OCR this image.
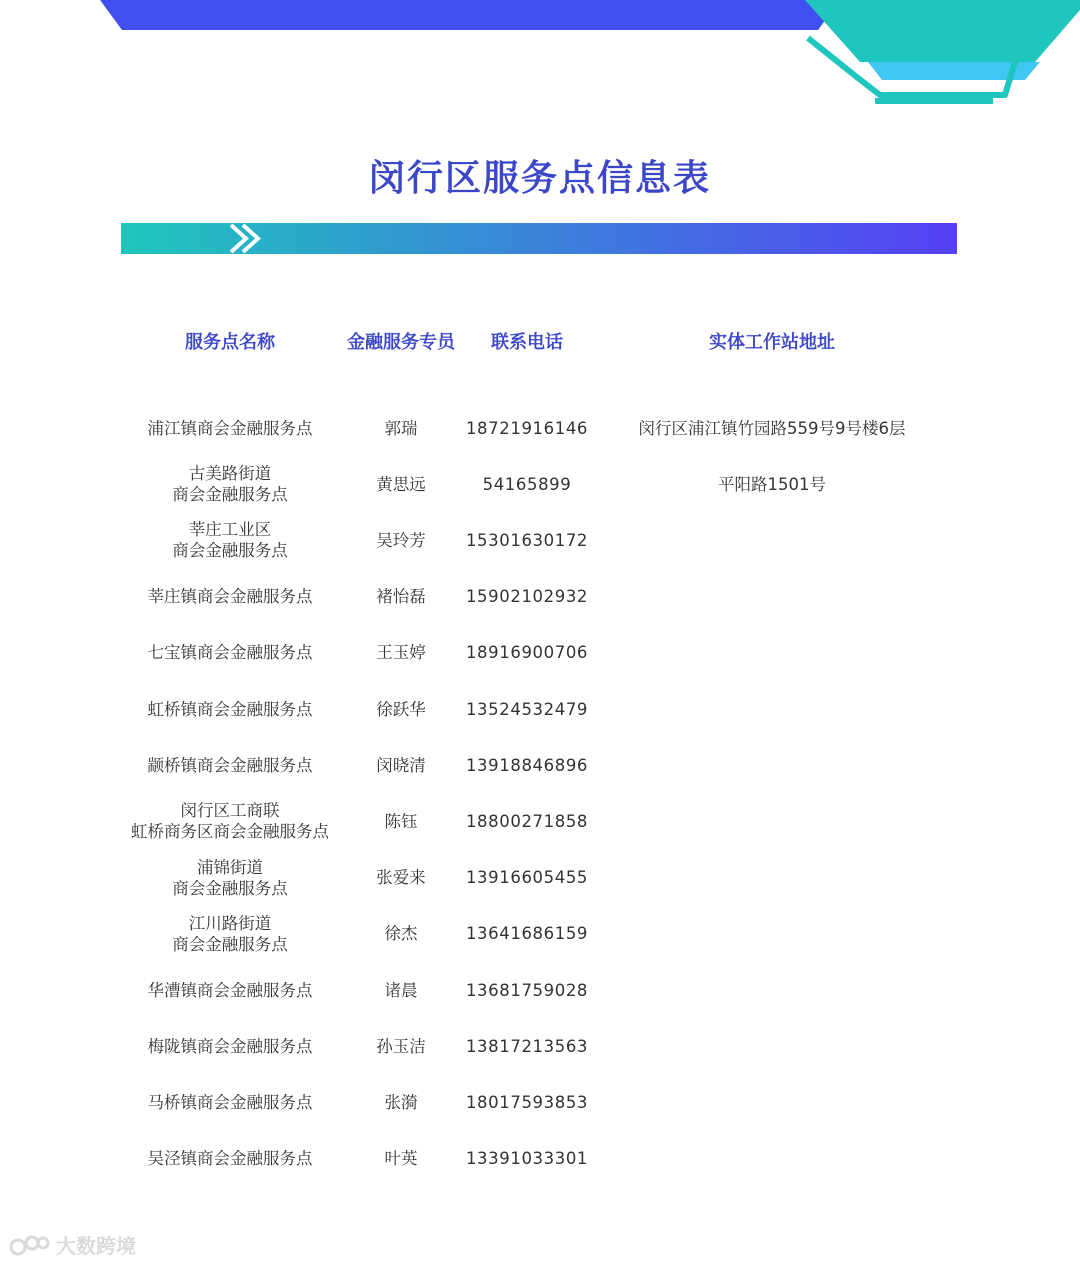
闵行区服务点信息表
服务点名称	金融服务专员	联系电话	实体工作站地址
浦江镇商会金融服务点	郭瑞	18721916146	闵行区浦江镇竹园路559号9号楼6层
古美路街道
商会金融服务点
黄思远	54165899	平阳路1501号
莘庄工业区
商会金融服务点
吴玲芳 15301630172
莘庄镇商会金融服务点	褚怡磊 15902102932
七宝镇商会金融服务点	王玉婷 18916900706
虹桥镇商会金融服务点	徐跃华 13524532479
颛桥镇商会金融服务点	闵晓清 13918846896
闵行区工商联
虹桥商务区商会金融服务点
陈钰	18800271858
浦锦街道
商会金融服务点
张爱来 13916605455
江川路街道
商会金融服务点
徐杰	13641686159
华漕镇商会金融服务点	诸晨	13681759028
梅陇镇商会金融服务点	孙玉洁 13817213563
马桥镇商会金融服务点	张漪	18017593853
吴泾镇商会金融服务点	叶英	13391033301
大数跨境
